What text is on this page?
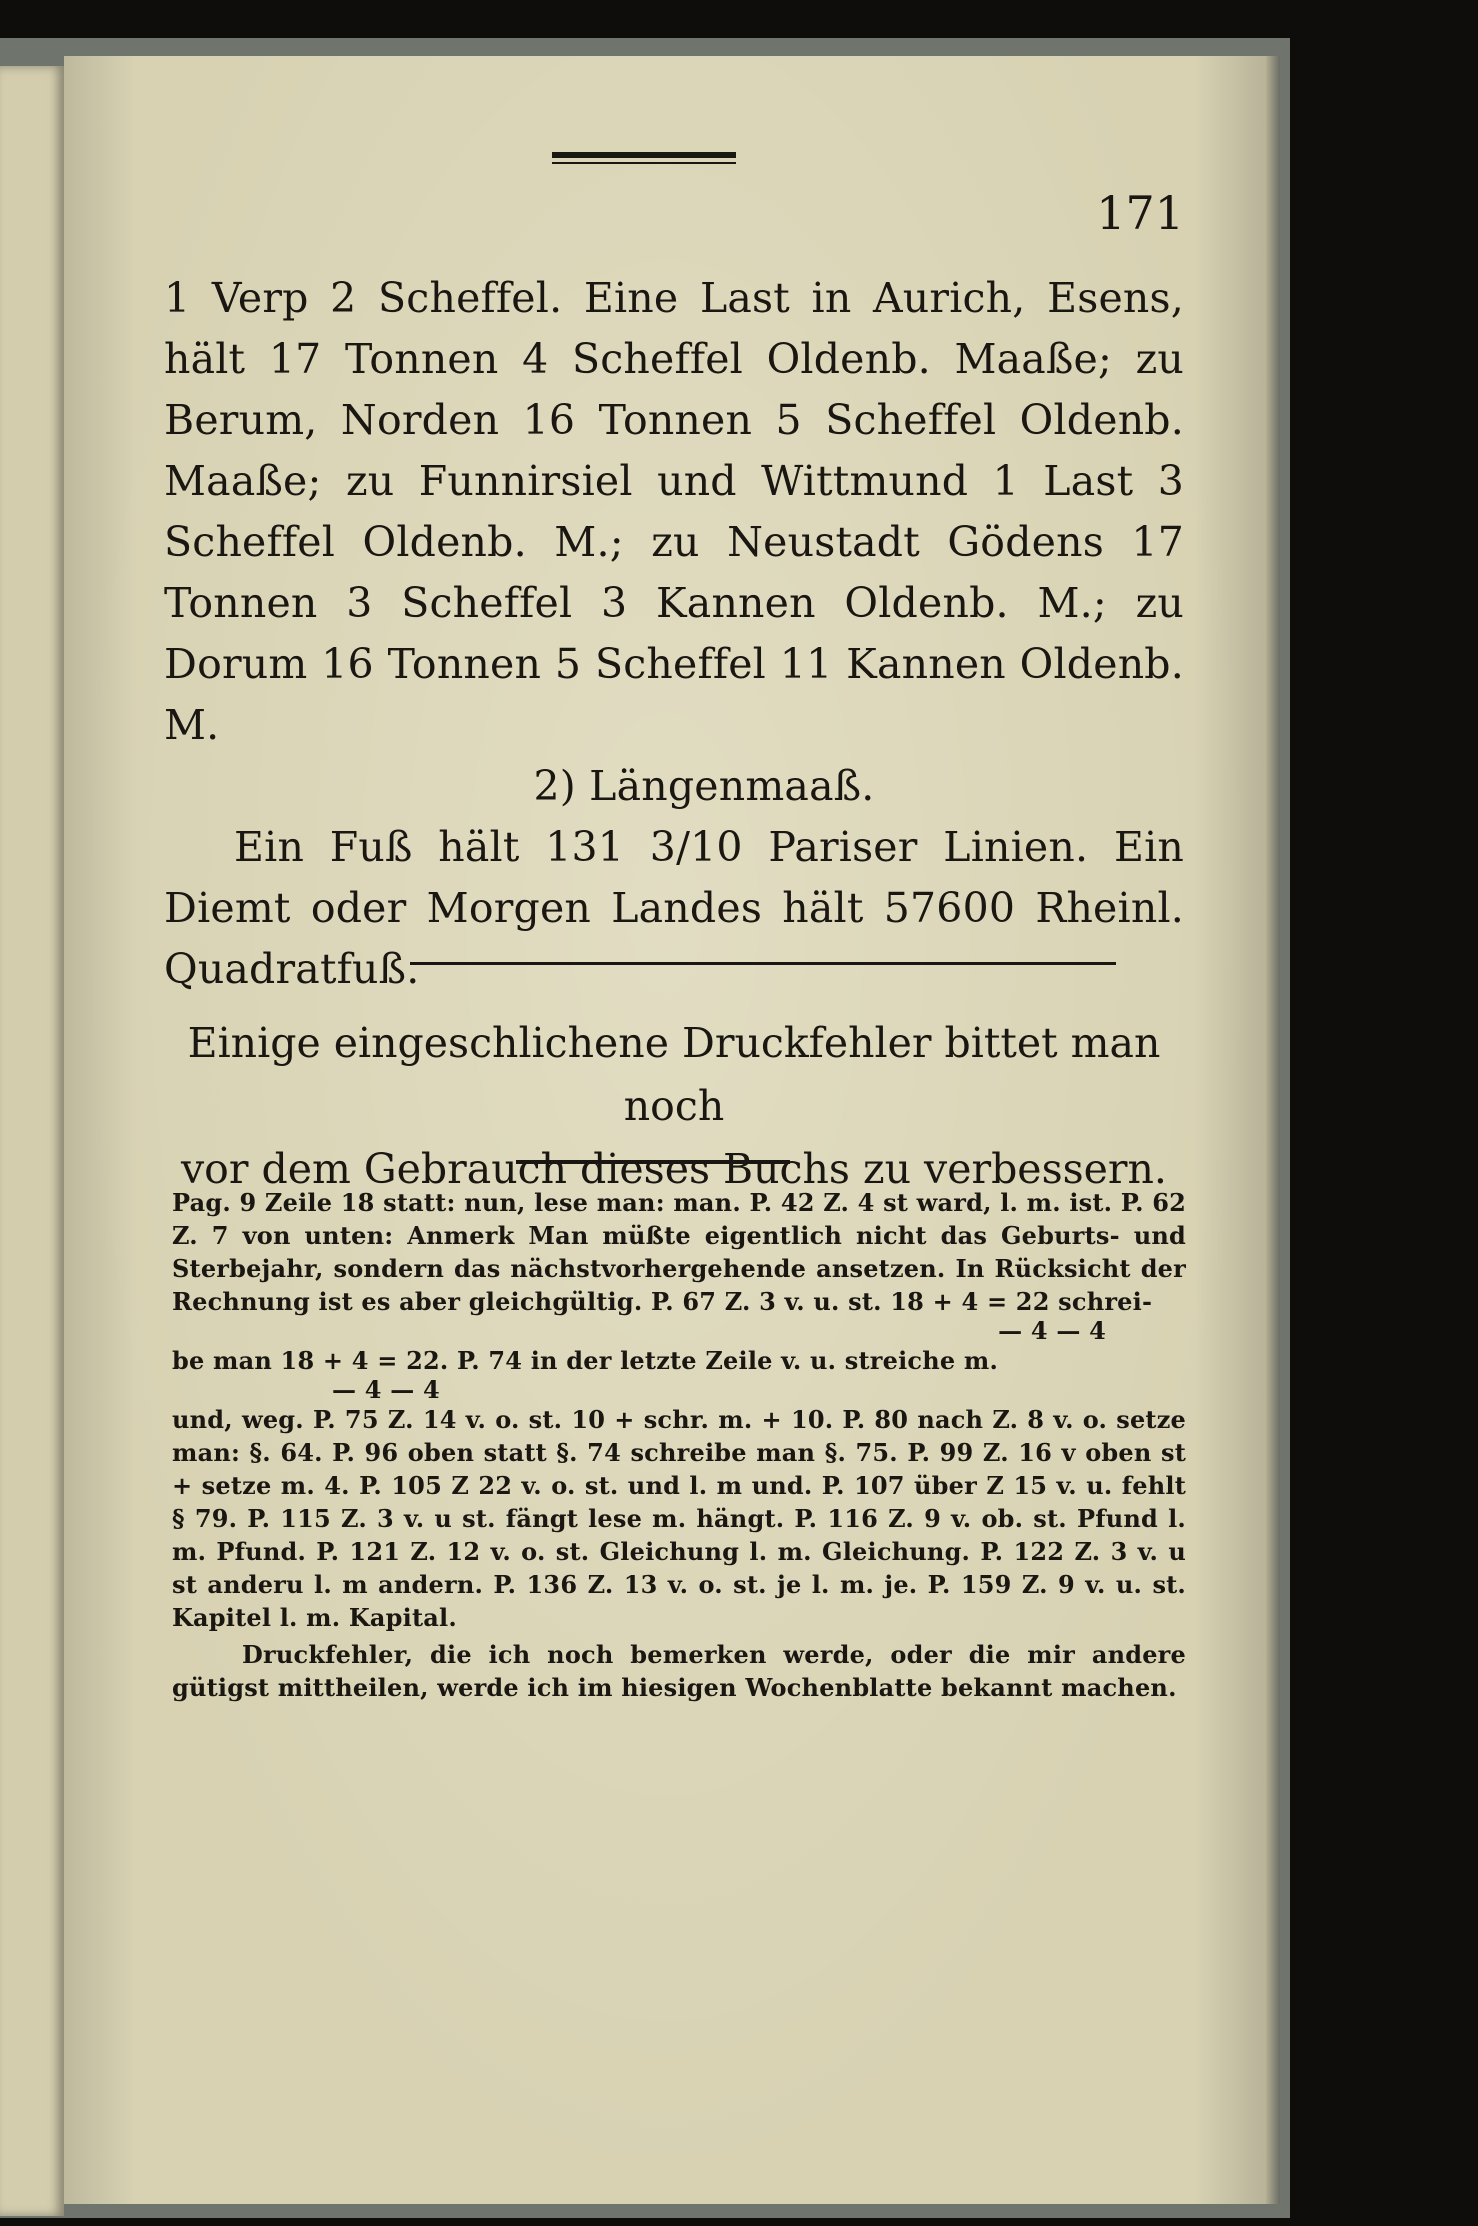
171

1 Verp 2 Scheffel. Eine Last in Aurich, Esens, hält 17 Tonnen 4 Scheffel Oldenb. Maaße; zu Berum, Norden 16 Tonnen 5 Scheffel Oldenb. Maaße; zu Funnirsiel und Wittmund 1 Last 3 Scheffel Oldenb. M.; zu Neustadt Gödens 17 Tonnen 3 Scheffel 3 Kannen Oldenb. M.; zu Dorum 16 Tonnen 5 Scheffel 11 Kannen Oldenb. M.

2) Längenmaaß.

Ein Fuß hält 131 3/10 Pariser Linien. Ein Diemt oder Morgen Landes hält 57600 Rheinl. Quadratfuß.

Einige eingeschlichene Druckfehler bittet man noch

vor dem Gebrauch dieses Buchs zu verbessern.

Pag. 9 Zeile 18 statt: nun, lese man: man. P. 42 Z. 4 st ward, l. m. ist. P. 62 Z. 7 von unten: Anmerk Man müßte eigentlich nicht das Geburts- und Sterbejahr, sondern das nächstvorhergehende ansetzen. In Rücksicht der Rechnung ist es aber gleichgültig. P. 67 Z. 3 v. u. st. 18 + 4 = 22 schrei-

— 4 — 4

be man 18 + 4 = 22. P. 74 in der letzte Zeile v. u. streiche m.

— 4 — 4

und, weg. P. 75 Z. 14 v. o. st. 10 + schr. m. + 10. P. 80 nach Z. 8 v. o. setze man: §. 64. P. 96 oben statt §. 74 schreibe man §. 75. P. 99 Z. 16 v oben st + setze m. 4. P. 105 Z 22 v. o. st. und l. m und. P. 107 über Z 15 v. u. fehlt § 79. P. 115 Z. 3 v. u st. fängt lese m. hängt. P. 116 Z. 9 v. ob. st. Pfund l. m. Pfund. P. 121 Z. 12 v. o. st. Gleichung l. m. Gleichung. P. 122 Z. 3 v. u st anderu l. m andern. P. 136 Z. 13 v. o. st. je l. m. je. P. 159 Z. 9 v. u. st. Kapitel l. m. Kapital.

Druckfehler, die ich noch bemerken werde, oder die mir andere gütigst mittheilen, werde ich im hiesigen Wochenblatte bekannt machen.
